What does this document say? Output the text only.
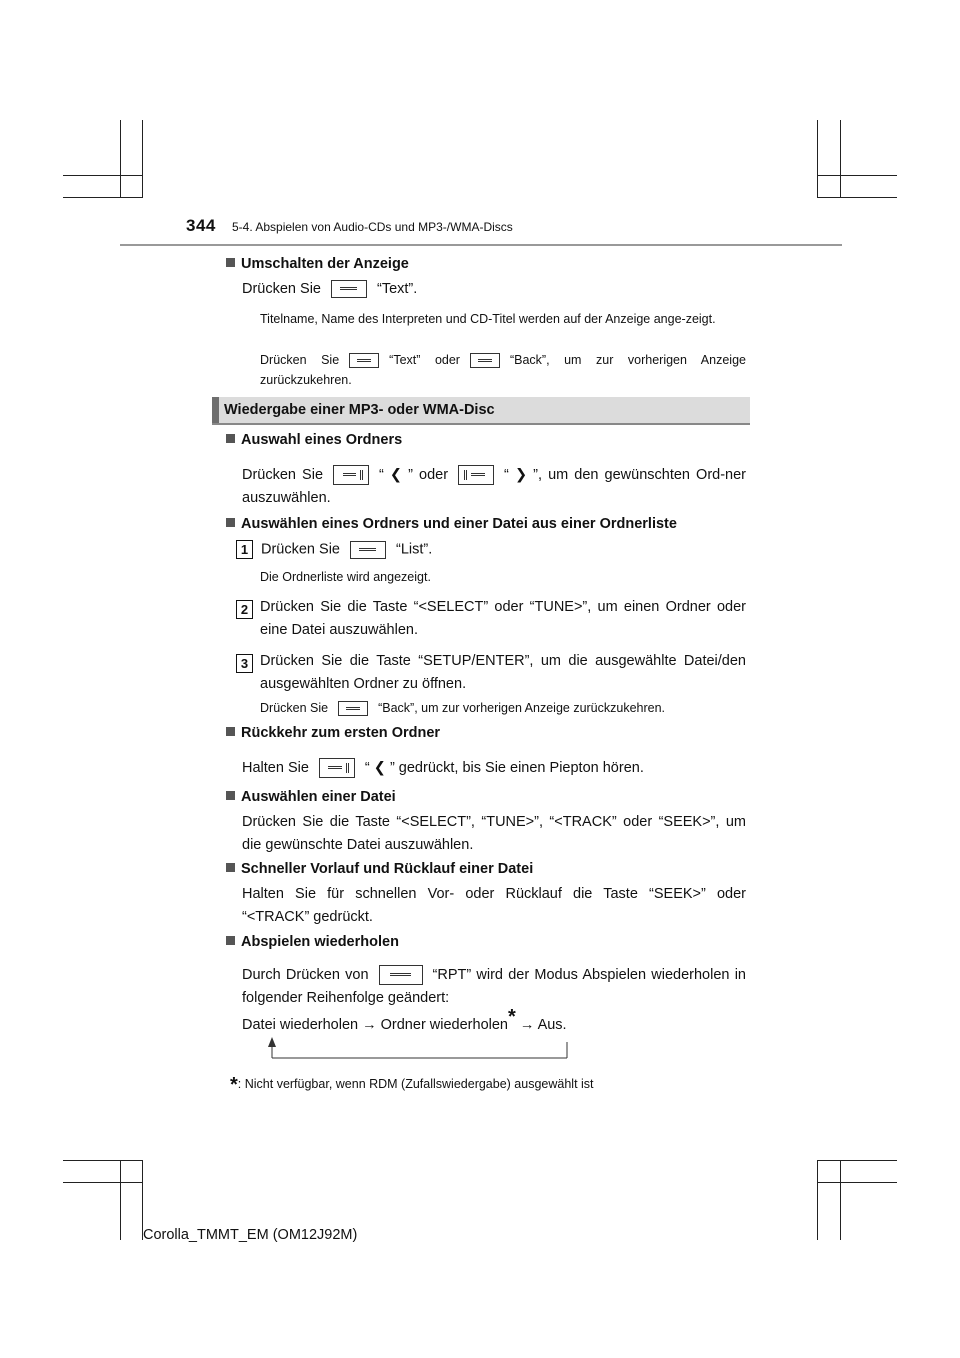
344 5-4. Abspielen von Audio-CDs und MP3-/WMA-Discs
Umschalten der Anzeige
Drücken Sie	“Text”.
Titelname, Name des Interpreten und CD-Titel werden auf der Anzeige ange-zeigt.
Drücken Sie	“Text” oder	“Back”, um zur vorherigen Anzeige zurückzukehren.
Wiedergabe einer MP3- oder WMA-Disc
Auswahl eines Ordners
Drücken Sie	“ ❮ ” oder	“ ❯ ”, um den gewünschten Ord-ner auszuwählen.
Auswählen eines Ordners und einer Datei aus einer Ordnerliste
1 Drücken Sie	“List”.
Die Ordnerliste wird angezeigt.
2 Drücken Sie die Taste “<SELECT” oder “TUNE>”, um einen Ordner oder eine Datei auszuwählen.
3 Drücken Sie die Taste “SETUP/ENTER”, um die ausgewählte Datei/den ausgewählten Ordner zu öffnen.
Drücken Sie	“Back”, um zur vorherigen Anzeige zurückzukehren.
Rückkehr zum ersten Ordner
Halten Sie	“ ❮ ” gedrückt, bis Sie einen Piepton hören.
Auswählen einer Datei
Drücken Sie die Taste “<SELECT”, “TUNE>”, “<TRACK” oder “SEEK>”, um die gewünschte Datei auszuwählen.
Schneller Vorlauf und Rücklauf einer Datei
Halten Sie für schnellen Vor- oder Rücklauf die Taste “SEEK>” oder “<TRACK” gedrückt.
Abspielen wiederholen
Durch Drücken von	“RPT” wird der Modus Abspielen wiederholen in folgender Reihenfolge geändert:
Datei wiederholen → Ordner wiederholen* → Aus.
*: Nicht verfügbar, wenn RDM (Zufallswiedergabe) ausgewählt ist
Corolla_TMMT_EM (OM12J92M)
